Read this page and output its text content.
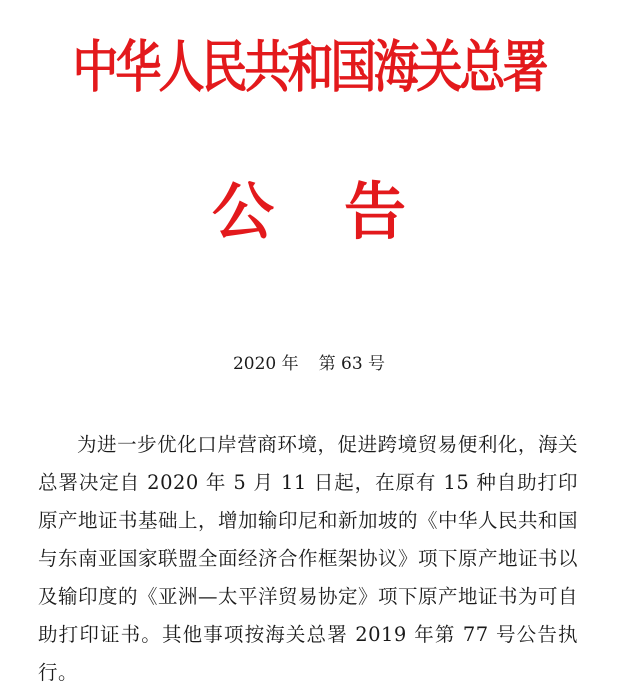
中华人民共和国海关总署
公 告
2020 年 第 63 号

为进一步优化口岸营商环境，促进跨境贸易便利化，海关总署决定自 2020 年 5 月 11 日起，在原有 15 种自助打印原产地证书基础上，增加输印尼和新加坡的《中华人民共和国与东南亚国家联盟全面经济合作框架协议》项下原产地证书以及输印度的《亚洲—太平洋贸易协定》项下原产地证书为可自助打印证书。其他事项按海关总署 2019 年第 77 号公告执行。
